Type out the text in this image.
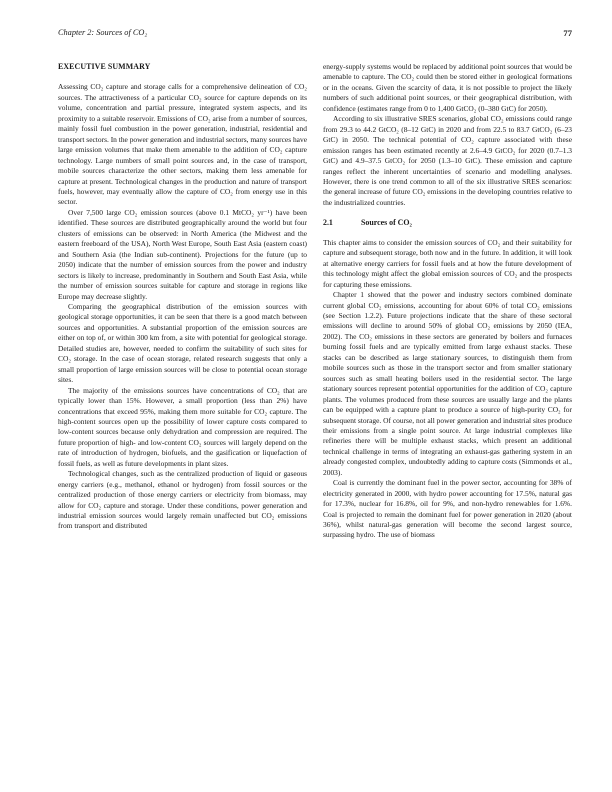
Chapter 2: Sources of CO₂	77
EXECUTIVE SUMMARY

Assessing CO₂ capture and storage calls for a comprehensive delineation of CO₂ sources. The attractiveness of a particular CO₂ source for capture depends on its volume, concentration and partial pressure, integrated system aspects, and its proximity to a suitable reservoir. Emissions of CO₂ arise from a number of sources, mainly fossil fuel combustion in the power generation, industrial, residential and transport sectors. In the power generation and industrial sectors, many sources have large emission volumes that make them amenable to the addition of CO₂ capture technology. Large numbers of small point sources and, in the case of transport, mobile sources characterize the other sectors, making them less amenable for capture at present. Technological changes in the production and nature of transport fuels, however, may eventually allow the capture of CO₂ from energy use in this sector.

Over 7,500 large CO₂ emission sources (above 0.1 MtCO₂ yr⁻¹) have been identified. These sources are distributed geographically around the world but four clusters of emissions can be observed: in North America (the Midwest and the eastern freeboard of the USA), North West Europe, South East Asia (eastern coast) and Southern Asia (the Indian sub-continent). Projections for the future (up to 2050) indicate that the number of emission sources from the power and industry sectors is likely to increase, predominantly in Southern and South East Asia, while the number of emission sources suitable for capture and storage in regions like Europe may decrease slightly.

Comparing the geographical distribution of the emission sources with geological storage opportunities, it can be seen that there is a good match between sources and opportunities. A substantial proportion of the emission sources are either on top of, or within 300 km from, a site with potential for geological storage. Detailed studies are, however, needed to confirm the suitability of such sites for CO₂ storage. In the case of ocean storage, related research suggests that only a small proportion of large emission sources will be close to potential ocean storage sites.

The majority of the emissions sources have concentrations of CO₂ that are typically lower than 15%. However, a small proportion (less than 2%) have concentrations that exceed 95%, making them more suitable for CO₂ capture. The high-content sources open up the possibility of lower capture costs compared to low-content sources because only dehydration and compression are required. The future proportion of high- and low-content CO₂ sources will largely depend on the rate of introduction of hydrogen, biofuels, and the gasification or liquefaction of fossil fuels, as well as future developments in plant sizes.

Technological changes, such as the centralized production of liquid or gaseous energy carriers (e.g., methanol, ethanol or hydrogen) from fossil sources or the centralized production of those energy carriers or electricity from biomass, may allow for CO₂ capture and storage. Under these conditions, power generation and industrial emission sources would largely remain unaffected but CO₂ emissions from transport and distributed

energy-supply systems would be replaced by additional point sources that would be amenable to capture. The CO₂ could then be stored either in geological formations or in the oceans. Given the scarcity of data, it is not possible to project the likely numbers of such additional point sources, or their geographical distribution, with confidence (estimates range from 0 to 1,400 GtCO₂ (0–380 GtC) for 2050).

According to six illustrative SRES scenarios, global CO₂ emissions could range from 29.3 to 44.2 GtCO₂ (8–12 GtC) in 2020 and from 22.5 to 83.7 GtCO₂ (6–23 GtC) in 2050. The technical potential of CO₂ capture associated with these emission ranges has been estimated recently at 2.6–4.9 GtCO₂ for 2020 (0.7–1.3 GtC) and 4.9–37.5 GtCO₂ for 2050 (1.3–10 GtC). These emission and capture ranges reflect the inherent uncertainties of scenario and modelling analyses. However, there is one trend common to all of the six illustrative SRES scenarios: the general increase of future CO₂ emissions in the developing countries relative to the industrialized countries.

2.1	Sources of CO₂

This chapter aims to consider the emission sources of CO₂ and their suitability for capture and subsequent storage, both now and in the future. In addition, it will look at alternative energy carriers for fossil fuels and at how the future development of this technology might affect the global emission sources of CO₂ and the prospects for capturing these emissions.

Chapter 1 showed that the power and industry sectors combined dominate current global CO₂ emissions, accounting for about 60% of total CO₂ emissions (see Section 1.2.2). Future projections indicate that the share of these sectoral emissions will decline to around 50% of global CO₂ emissions by 2050 (IEA, 2002). The CO₂ emissions in these sectors are generated by boilers and furnaces burning fossil fuels and are typically emitted from large exhaust stacks. These stacks can be described as large stationary sources, to distinguish them from mobile sources such as those in the transport sector and from smaller stationary sources such as small heating boilers used in the residential sector. The large stationary sources represent potential opportunities for the addition of CO₂ capture plants. The volumes produced from these sources are usually large and the plants can be equipped with a capture plant to produce a source of high-purity CO₂ for subsequent storage. Of course, not all power generation and industrial sites produce their emissions from a single point source. At large industrial complexes like refineries there will be multiple exhaust stacks, which present an additional technical challenge in terms of integrating an exhaust-gas gathering system in an already congested complex, undoubtedly adding to capture costs (Simmonds et al., 2003).

Coal is currently the dominant fuel in the power sector, accounting for 38% of electricity generated in 2000, with hydro power accounting for 17.5%, natural gas for 17.3%, nuclear for 16.8%, oil for 9%, and non-hydro renewables for 1.6%. Coal is projected to remain the dominant fuel for power generation in 2020 (about 36%), whilst natural-gas generation will become the second largest source, surpassing hydro. The use of biomass
